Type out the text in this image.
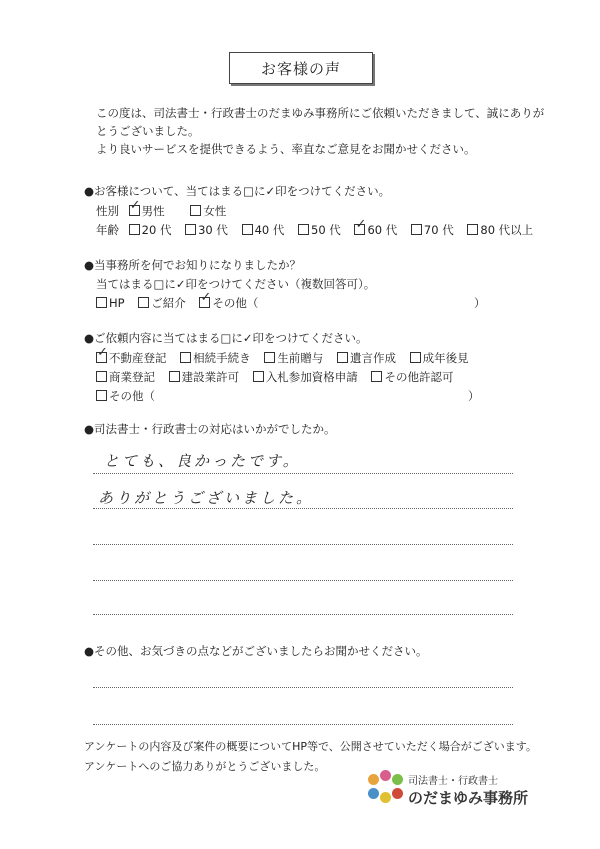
お客様の声
この度は、司法書士・行政書士のだまゆみ事務所にご依頼いただきまして、誠にありが
とうございました。
より良いサービスを提供できるよう、率直なご意見をお聞かせください。
●お客様について、当てはまる□に✓印をつけてください。
性別 ✓ 男性	女性
年齢 20 代 30 代 40 代 50 代 ✓ 60 代 70 代 80 代以上
●当事務所を何でお知りになりましたか？
当てはまる□に✓印をつけてください（複数回答可）。
HP ご紹介 ✓ その他（	）
●ご依頼内容に当てはまる□に✓印をつけてください。
✓不動産登記 相続手続き 生前贈与 遺言作成 成年後見
商業登記 建設業許可 入札参加資格申請 その他許認可
その他（	）
●司法書士・行政書士の対応はいかがでしたか。
とても、良かったです。
ありがとうございました。
●その他、お気づきの点などがございましたらお聞かせください。
アンケートの内容及び案件の概要についてHP等で、公開させていただく場合がございます。
アンケートへのご協力ありがとうございました。
司法書士・行政書士
のだまゆみ事務所
